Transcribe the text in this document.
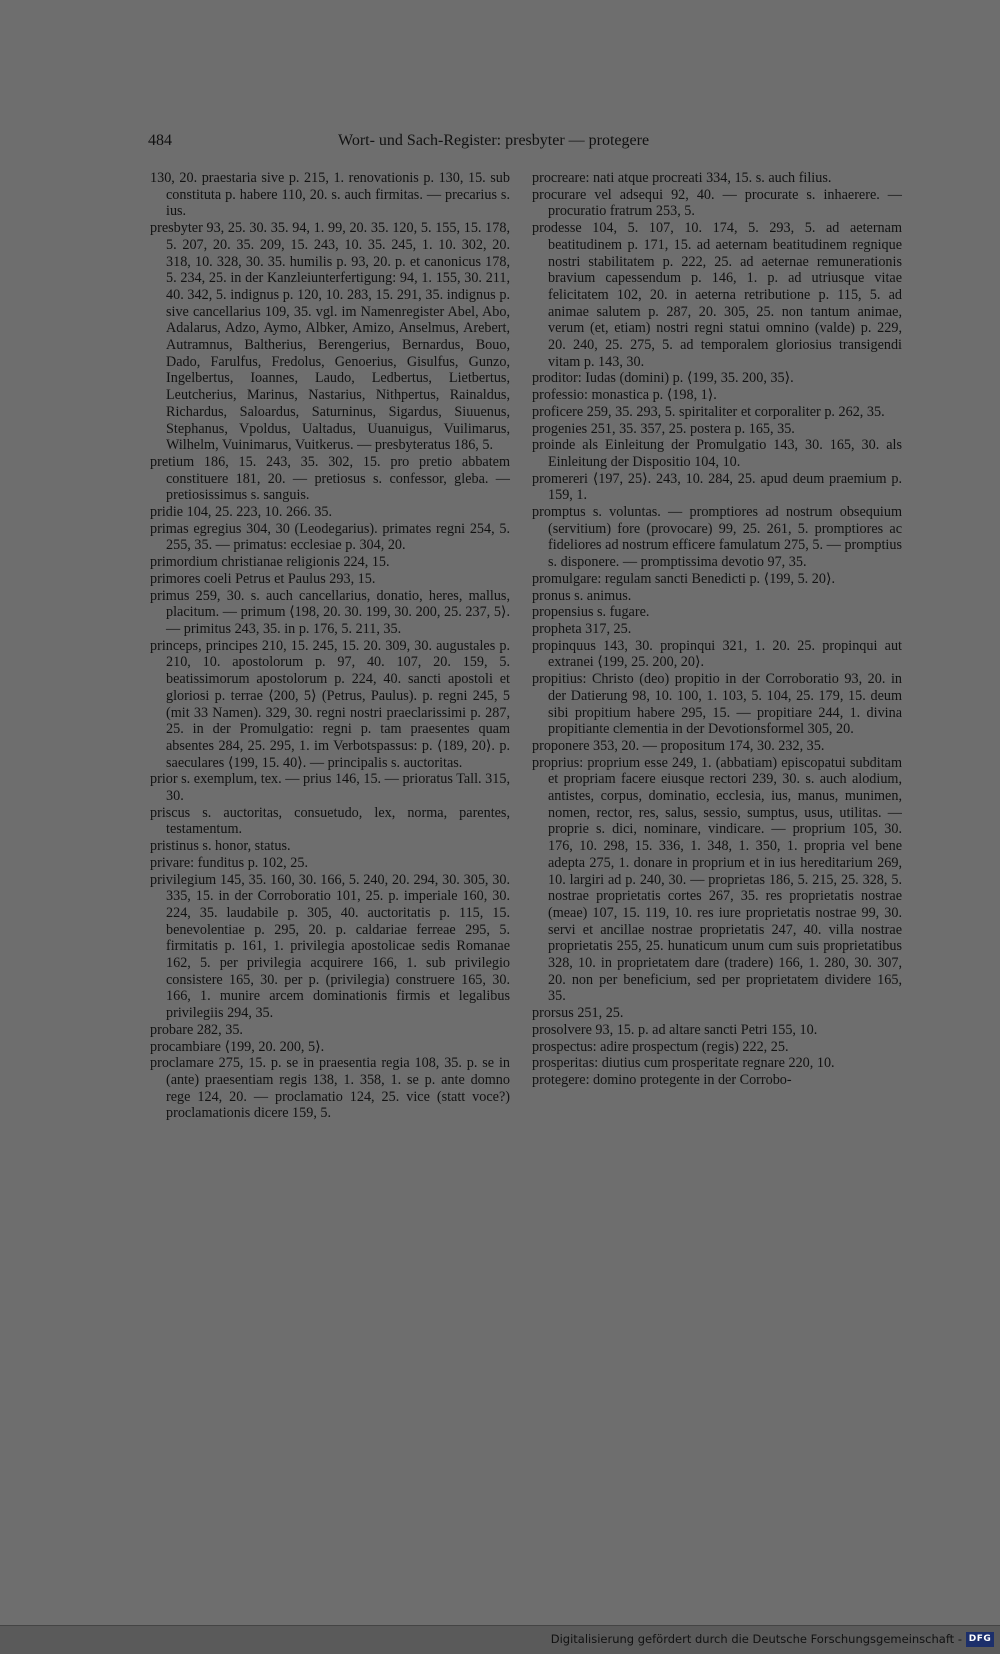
484	Wort- und Sach-Register: presbyter — protegere

130, 20. praestaria sive p. 215, 1. renovationis p. 130, 15. sub constituta p. habere 110, 20. s. auch firmitas. — precarius s. ius.

presbyter 93, 25. 30. 35. 94, 1. 99, 20. 35. 120, 5. 155, 15. 178, 5. 207, 20. 35. 209, 15. 243, 10. 35. 245, 1. 10. 302, 20. 318, 10. 328, 30. 35. humilis p. 93, 20. p. et canonicus 178, 5. 234, 25. in der Kanzleiunterfertigung: 94, 1. 155, 30. 211, 40. 342, 5. indignus p. 120, 10. 283, 15. 291, 35. indignus p. sive cancellarius 109, 35. vgl. im Namenregister Abel, Abo, Adalarus, Adzo, Aymo, Albker, Amizo, Anselmus, Arebert, Autramnus, Baltherius, Berengerius, Bernardus, Bouo, Dado, Farulfus, Fredolus, Genoerius, Gisulfus, Gunzo, Ingelbertus, Ioannes, Laudo, Ledbertus, Lietbertus, Leutcherius, Marinus, Nastarius, Nithpertus, Rainaldus, Richardus, Saloardus, Saturninus, Sigardus, Siuuenus, Stephanus, Vpoldus, Ualtadus, Uuanuigus, Vuilimarus, Wilhelm, Vuinimarus, Vuitkerus. — presbyteratus 186, 5.

pretium 186, 15. 243, 35. 302, 15. pro pretio abbatem constituere 181, 20. — pretiosus s. confessor, gleba. — pretiosissimus s. sanguis.

pridie 104, 25. 223, 10. 266. 35.

primas egregius 304, 30 (Leodegarius). primates regni 254, 5. 255, 35. — primatus: ecclesiae p. 304, 20.

primordium christianae religionis 224, 15.

primores coeli Petrus et Paulus 293, 15.

primus 259, 30. s. auch cancellarius, donatio, heres, mallus, placitum. — primum ⟨198, 20. 30. 199, 30. 200, 25. 237, 5⟩. — primitus 243, 35. in p. 176, 5. 211, 35.

princeps, principes 210, 15. 245, 15. 20. 309, 30. augustales p. 210, 10. apostolorum p. 97, 40. 107, 20. 159, 5. beatissimorum apostolorum p. 224, 40. sancti apostoli et gloriosi p. terrae ⟨200, 5⟩ (Petrus, Paulus). p. regni 245, 5 (mit 33 Namen). 329, 30. regni nostri praeclarissimi p. 287, 25. in der Promulgatio: regni p. tam praesentes quam absentes 284, 25. 295, 1. im Verbotspassus: p. ⟨189, 20⟩. p. saeculares ⟨199, 15. 40⟩. — principalis s. auctoritas.

prior s. exemplum, tex. — prius 146, 15. — prioratus Tall. 315, 30.

priscus s. auctoritas, consuetudo, lex, norma, parentes, testamentum.

pristinus s. honor, status.

privare: funditus p. 102, 25.

privilegium 145, 35. 160, 30. 166, 5. 240, 20. 294, 30. 305, 30. 335, 15. in der Corroboratio 101, 25. p. imperiale 160, 30. 224, 35. laudabile p. 305, 40. auctoritatis p. 115, 15. benevolentiae p. 295, 20. p. caldariae ferreae 295, 5. firmitatis p. 161, 1. privilegia apostolicae sedis Romanae 162, 5. per privilegia acquirere 166, 1. sub privilegio consistere 165, 30. per p. (privilegia) construere 165, 30. 166, 1. munire arcem dominationis firmis et legalibus privilegiis 294, 35.

probare 282, 35.

procambiare ⟨199, 20. 200, 5⟩.

proclamare 275, 15. p. se in praesentia regia 108, 35. p. se in (ante) praesentiam regis 138, 1. 358, 1. se p. ante domno rege 124, 20. — proclamatio 124, 25. vice (statt voce?) proclamationis dicere 159, 5.

procreare: nati atque procreati 334, 15. s. auch filius.

procurare vel adsequi 92, 40. — procurate s. inhaerere. — procuratio fratrum 253, 5.

prodesse 104, 5. 107, 10. 174, 5. 293, 5. ad aeternam beatitudinem p. 171, 15. ad aeternam beatitudinem regnique nostri stabilitatem p. 222, 25. ad aeternae remunerationis bravium capessendum p. 146, 1. p. ad utriusque vitae felicitatem 102, 20. in aeterna retributione p. 115, 5. ad animae salutem p. 287, 20. 305, 25. non tantum animae, verum (et, etiam) nostri regni statui omnino (valde) p. 229, 20. 240, 25. 275, 5. ad temporalem gloriosius transigendi vitam p. 143, 30.

proditor: Iudas (domini) p. ⟨199, 35. 200, 35⟩.

professio: monastica p. ⟨198, 1⟩.

proficere 259, 35. 293, 5. spiritaliter et corporaliter p. 262, 35.

progenies 251, 35. 357, 25. postera p. 165, 35.

proinde als Einleitung der Promulgatio 143, 30. 165, 30. als Einleitung der Dispositio 104, 10.

promereri ⟨197, 25⟩. 243, 10. 284, 25. apud deum praemium p. 159, 1.

promptus s. voluntas. — promptiores ad nostrum obsequium (servitium) fore (provocare) 99, 25. 261, 5. promptiores ac fideliores ad nostrum efficere famulatum 275, 5. — promptius s. disponere. — promptissima devotio 97, 35.

promulgare: regulam sancti Benedicti p. ⟨199, 5. 20⟩.

pronus s. animus.

propensius s. fugare.

propheta 317, 25.

propinquus 143, 30. propinqui 321, 1. 20. 25. propinqui aut extranei ⟨199, 25. 200, 20⟩.

propitius: Christo (deo) propitio in der Corroboratio 93, 20. in der Datierung 98, 10. 100, 1. 103, 5. 104, 25. 179, 15. deum sibi propitium habere 295, 15. — propitiare 244, 1. divina propitiante clementia in der Devotionsformel 305, 20.

proponere 353, 20. — propositum 174, 30. 232, 35.

proprius: proprium esse 249, 1. (abbatiam) episcopatui subditam et propriam facere eiusque rectori 239, 30. s. auch alodium, antistes, corpus, dominatio, ecclesia, ius, manus, munimen, nomen, rector, res, salus, sessio, sumptus, usus, utilitas. — proprie s. dici, nominare, vindicare. — proprium 105, 30. 176, 10. 298, 15. 336, 1. 348, 1. 350, 1. propria vel bene adepta 275, 1. donare in proprium et in ius hereditarium 269, 10. largiri ad p. 240, 30. — proprietas 186, 5. 215, 25. 328, 5. nostrae proprietatis cortes 267, 35. res proprietatis nostrae (meae) 107, 15. 119, 10. res iure proprietatis nostrae 99, 30. servi et ancillae nostrae proprietatis 247, 40. villa nostrae proprietatis 255, 25. hunaticum unum cum suis proprietatibus 328, 10. in proprietatem dare (tradere) 166, 1. 280, 30. 307, 20. non per beneficium, sed per proprietatem dividere 165, 35.

prorsus 251, 25.

prosolvere 93, 15. p. ad altare sancti Petri 155, 10.

prospectus: adire prospectum (regis) 222, 25.

prosperitas: diutius cum prosperitate regnare 220, 10.

protegere: domino protegente in der Corrobo-

Digitalisierung gefördert durch die Deutsche Forschungsgemeinschaft - DFG
